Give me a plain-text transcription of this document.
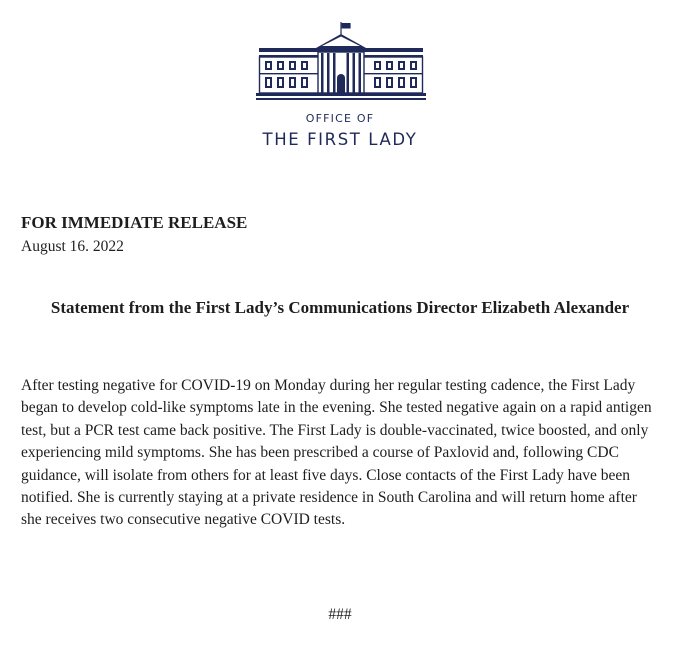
OFFICE OF
THE FIRST LADY
FOR IMMEDIATE RELEASE
August 16. 2022
Statement from the First Lady’s Communications Director Elizabeth Alexander
After testing negative for COVID-19 on Monday during her regular testing cadence, the First Lady began to develop cold-like symptoms late in the evening. She tested negative again on a rapid antigen test, but a PCR test came back positive. The First Lady is double-vaccinated, twice boosted, and only experiencing mild symptoms. She has been prescribed a course of Paxlovid and, following CDC guidance, will isolate from others for at least five days. Close contacts of the First Lady have been notified. She is currently staying at a private residence in South Carolina and will return home after she receives two consecutive negative COVID tests.
###
